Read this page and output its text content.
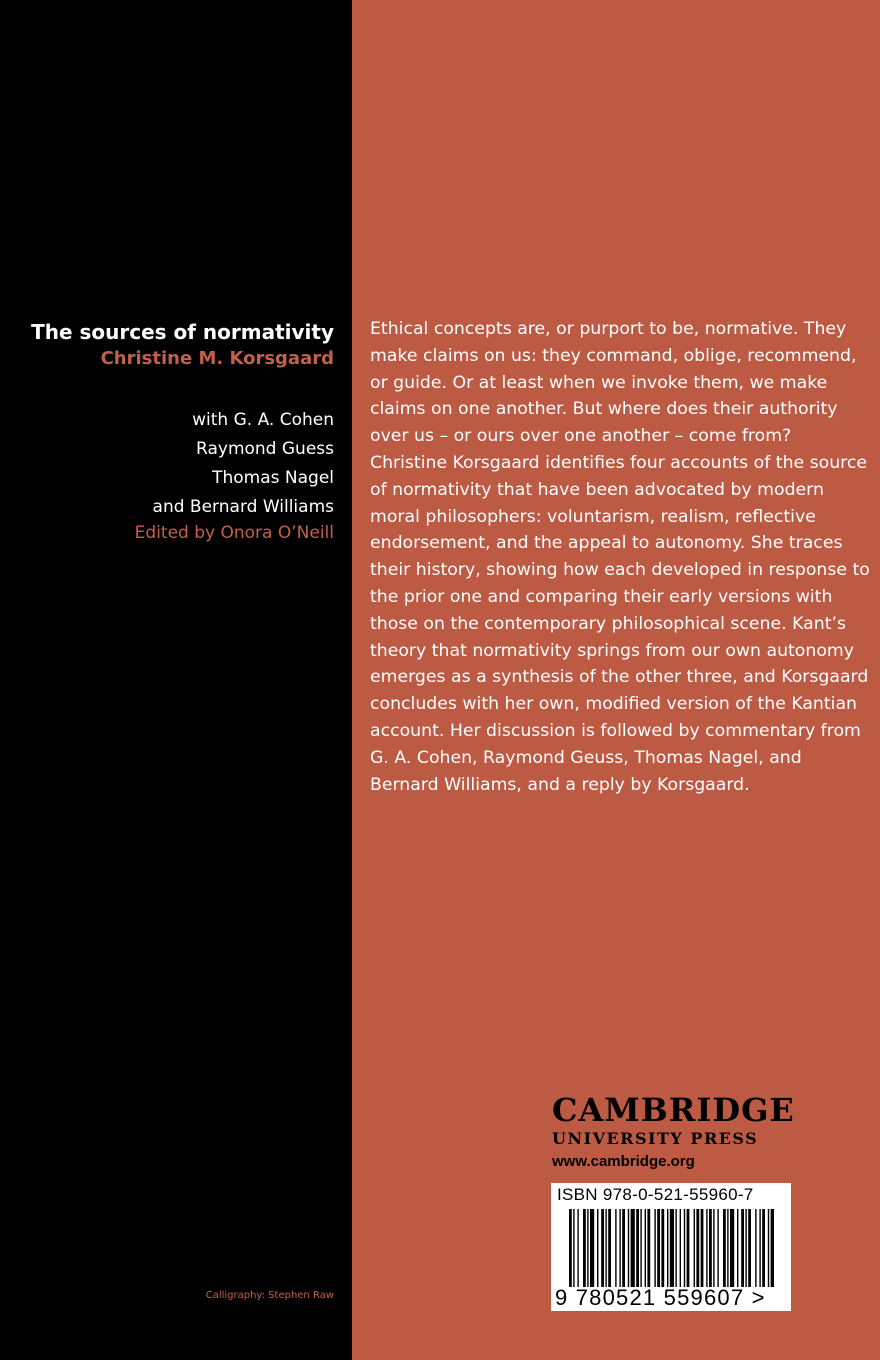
The sources of normativity
Christine M. Korsgaard
with G. A. Cohen
Raymond Guess
Thomas Nagel
and Bernard Williams
Edited by Onora O’Neill
Calligraphy: Stephen Raw

Ethical concepts are, or purport to be, normative. They make claims on us: they command, oblige, recommend, or guide. Or at least when we invoke them, we make claims on one another. But where does their authority over us – or ours over one another – come from? Christine Korsgaard identifies four accounts of the source of normativity that have been advocated by modern moral philosophers: voluntarism, realism, reflective endorsement, and the appeal to autonomy. She traces their history, showing how each developed in response to the prior one and comparing their early versions with those on the contemporary philosophical scene. Kant’s theory that normativity springs from our own autonomy emerges as a synthesis of the other three, and Korsgaard concludes with her own, modified version of the Kantian account. Her discussion is followed by commentary from G. A. Cohen, Raymond Geuss, Thomas Nagel, and Bernard Williams, and a reply by Korsgaard.

CAMBRIDGE
UNIVERSITY PRESS
www.cambridge.org
ISBN 978-0-521-55960-7
9 780521 559607 >
